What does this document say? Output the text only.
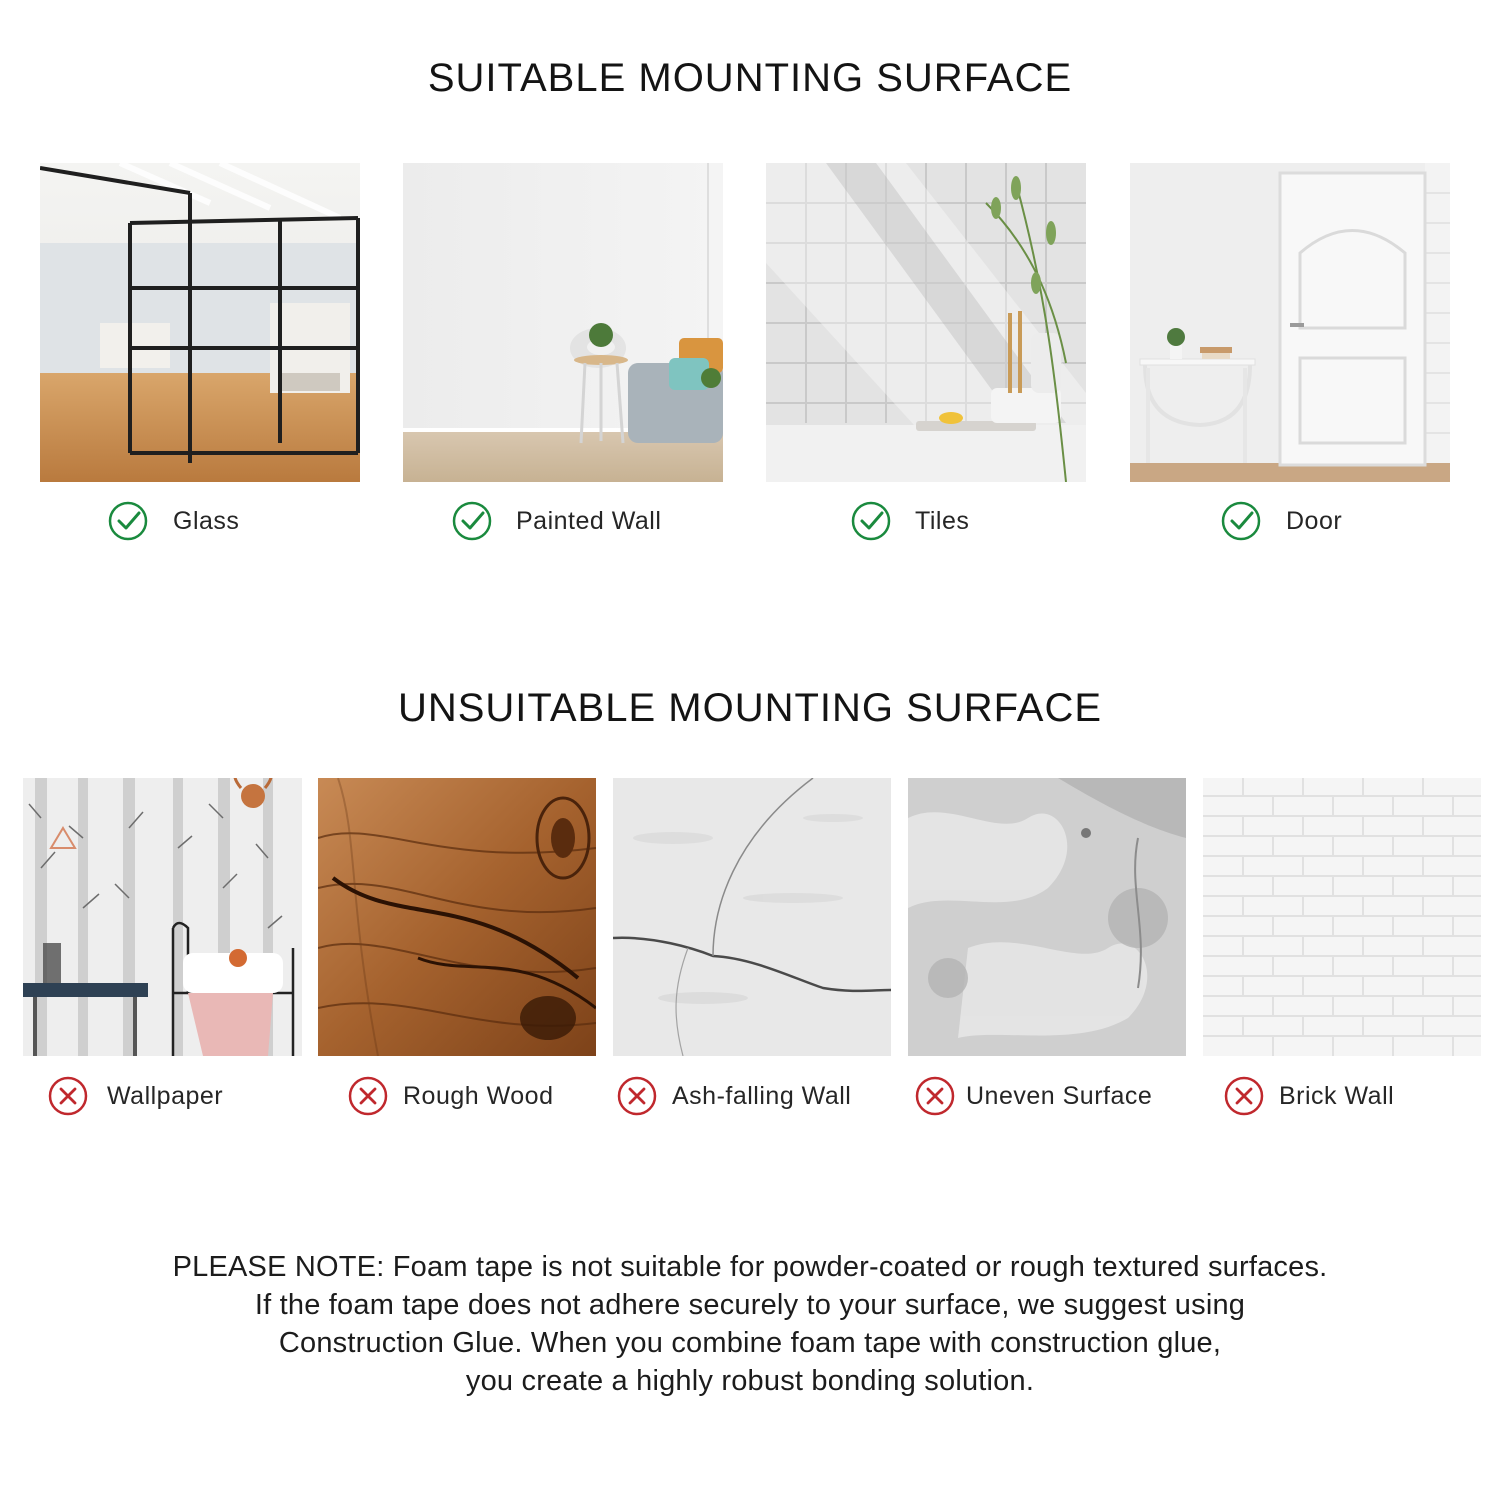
SUITABLE MOUNTING SURFACE
UNSUITABLE MOUNTING SURFACE
Glass	Painted Wall	Tiles	Door
Wallpaper	Rough Wood	Ash-falling Wall	Uneven Surface	Brick Wall
PLEASE NOTE: Foam tape is not suitable for powder-coated or rough textured surfaces.
If the foam tape does not adhere securely to your surface, we suggest using
Construction Glue. When you combine foam tape with construction glue,
you create a highly robust bonding solution.
